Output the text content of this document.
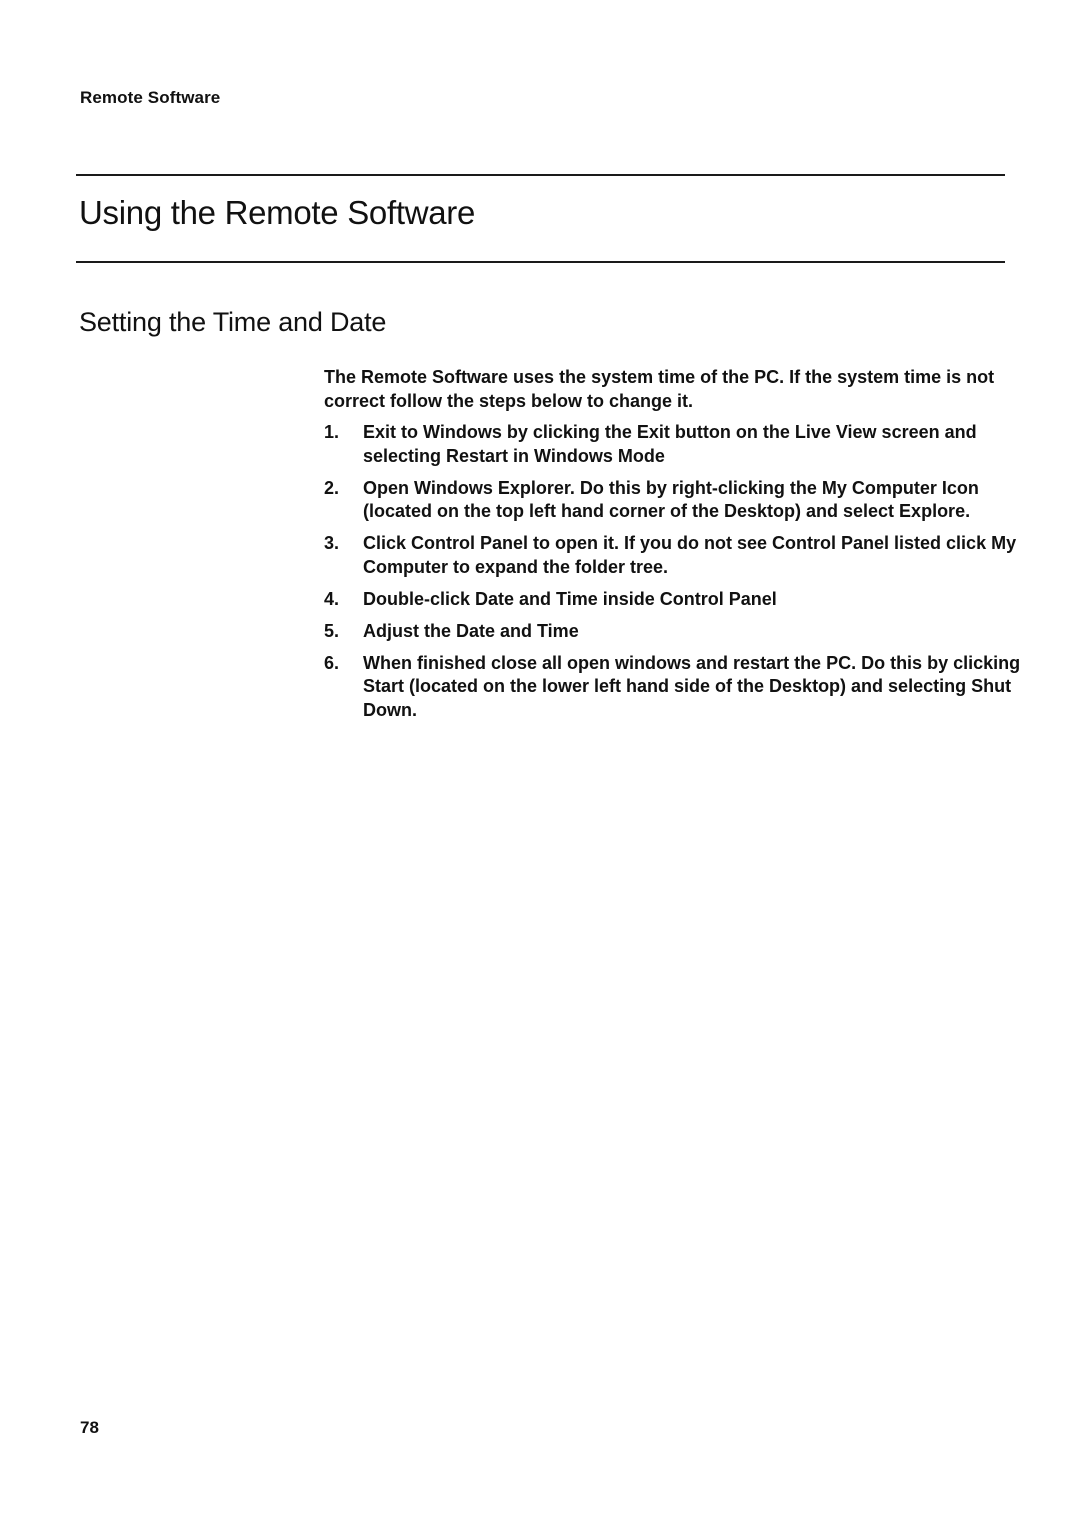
Remote Software
Using the Remote Software
Setting the Time and Date

The Remote Software uses the system time of the PC. If the system time is not correct follow the steps below to change it.

1. Exit to Windows by clicking the Exit button on the Live View screen and selecting Restart in Windows Mode
2. Open Windows Explorer. Do this by right-clicking the My Computer Icon (located on the top left hand corner of the Desktop) and select Explore.
3. Click Control Panel to open it. If you do not see Control Panel listed click My Computer to expand the folder tree.
4. Double-click Date and Time inside Control Panel
5. Adjust the Date and Time
6. When finished close all open windows and restart the PC. Do this by clicking Start (located on the lower left hand side of the Desktop) and selecting Shut Down.
78
